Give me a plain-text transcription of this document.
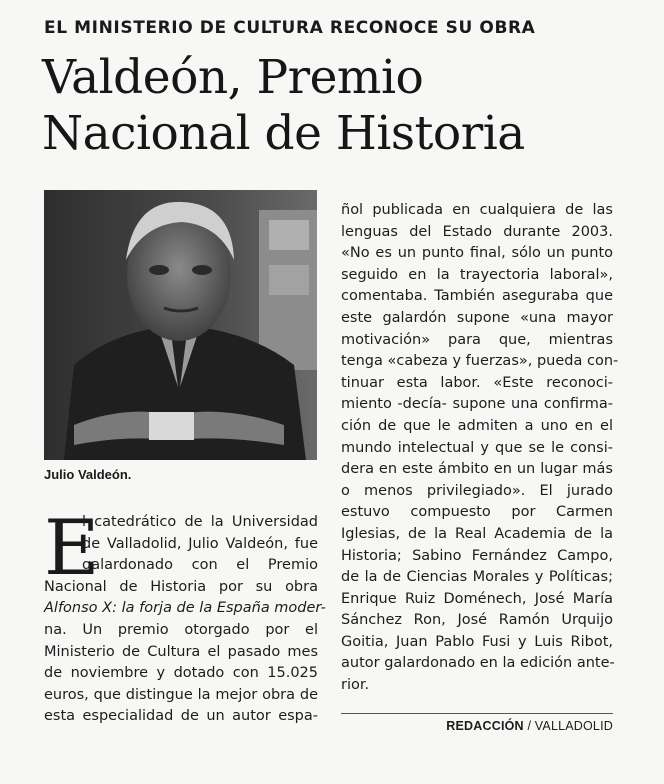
EL MINISTERIO DE CULTURA RECONOCE SU OBRA
Valdeón, Premio
Nacional de Historia
Julio Valdeón.
E
l catedrático de la Universidad
de Valladolid, Julio Valdeón, fue
galardonado con el Premio
Nacional de Historia por su obra
Alfonso X: la forja de la España moder-
na. Un premio otorgado por el
Ministerio de Cultura el pasado mes
de noviembre y dotado con 15.025
euros, que distingue la mejor obra de
esta especialidad de un autor espa-
ñol publicada en cualquiera de las
lenguas del Estado durante 2003.
«No es un punto final, sólo un punto
seguido en la trayectoria laboral»,
comentaba. También aseguraba que
este galardón supone «una mayor
motivación» para que, mientras
tenga «cabeza y fuerzas», pueda con-
tinuar esta labor. «Este reconoci-
miento -decía- supone una confirma-
ción de que le admiten a uno en el
mundo intelectual y que se le consi-
dera en este ámbito en un lugar más
o menos privilegiado». El jurado
estuvo compuesto por Carmen
Iglesias, de la Real Academia de la
Historia; Sabino Fernández Campo,
de la de Ciencias Morales y Políticas;
Enrique Ruiz Doménech, José María
Sánchez Ron, José Ramón Urquijo
Goitia, Juan Pablo Fusi y Luis Ribot,
autor galardonado en la edición ante-
rior.
REDACCIÓN / VALLADOLID
